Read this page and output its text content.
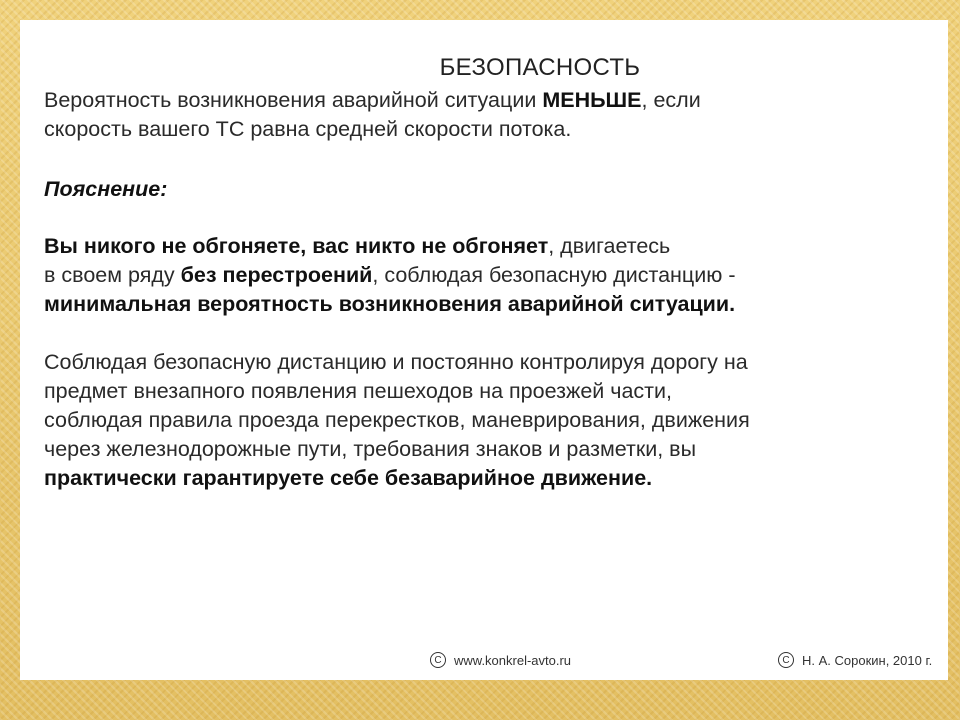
БЕЗОПАСНОСТЬ
Вероятность возникновения аварийной ситуации МЕНЬШЕ, если
скорость вашего ТС равна средней скорости потока.
Пояснение:
Вы никого не обгоняете, вас никто не обгоняет, двигаетесь
в своем ряду без перестроений, соблюдая безопасную дистанцию -
минимальная вероятность возникновения аварийной ситуации.
Соблюдая безопасную дистанцию и постоянно контролируя дорогу на
предмет внезапного появления пешеходов на проезжей части,
соблюдая правила проезда перекрестков, маневрирования, движения
через железнодорожные пути, требования знаков и разметки, вы
практически гарантируете себе безаварийное движение.
C www.konkrel-avto.ru	C Н. А. Сорокин, 2010 г.
